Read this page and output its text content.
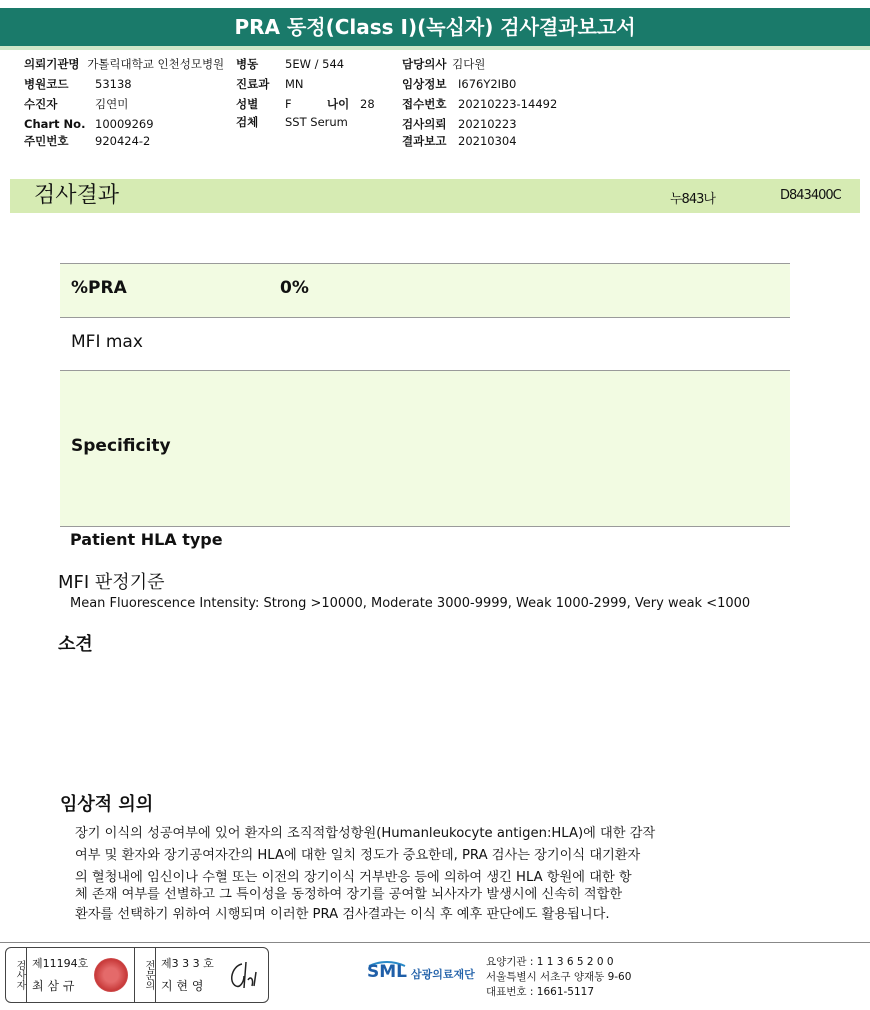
PRA 동정(Class I)(녹십자) 검사결과보고서
의뢰기관명 가톨릭대학교 인천성모병원 병동 5EW / 544	담당의사 김다원
병원코드 53138	진료과 MN	임상정보 I676Y2IB0
수진자	김연미	성별 F	나이 28 접수번호 20210223-14492
Chart No. 10009269	검체 SST Serum	검사의뢰 20210223
주민번호 920424-2	결과보고 20210304
검사결과	누843나	D843400C
%PRA	0%
MFI max
Specificity
Patient HLA type
MFI 판정기준
Mean Fluorescence Intensity: Strong >10000, Moderate 3000-9999, Weak 1000-2999, Very weak <1000
소견
임상적 의의
장기 이식의 성공여부에 있어 환자의 조직적합성항원(Humanleukocyte antigen:HLA)에 대한 감작
여부 및 환자와 장기공여자간의 HLA에 대한 일치 정도가 중요한데, PRA 검사는 장기이식 대기환자
의 혈청내에 임신이나 수혈 또는 이전의 장기이식 거부반응 등에 의하여 생긴 HLA 항원에 대한 항
체 존재 여부를 선별하고 그 특이성을 동정하여 장기를 공여할 뇌사자가 발생시에 신속히 적합한
환자를 선택하기 위하여 시행되며 이러한 PRA 검사결과는 이식 후 예후 판단에도 활용됩니다.
검사자 제11194호
최 삼 규	전문의 제3 3 3 호
지 현 영
SML 삼광의료재단
요양기관 : 1 1 3 6 5 2 0 0
서울특별시 서초구 양재동 9-60
대표번호 : 1661-5117
